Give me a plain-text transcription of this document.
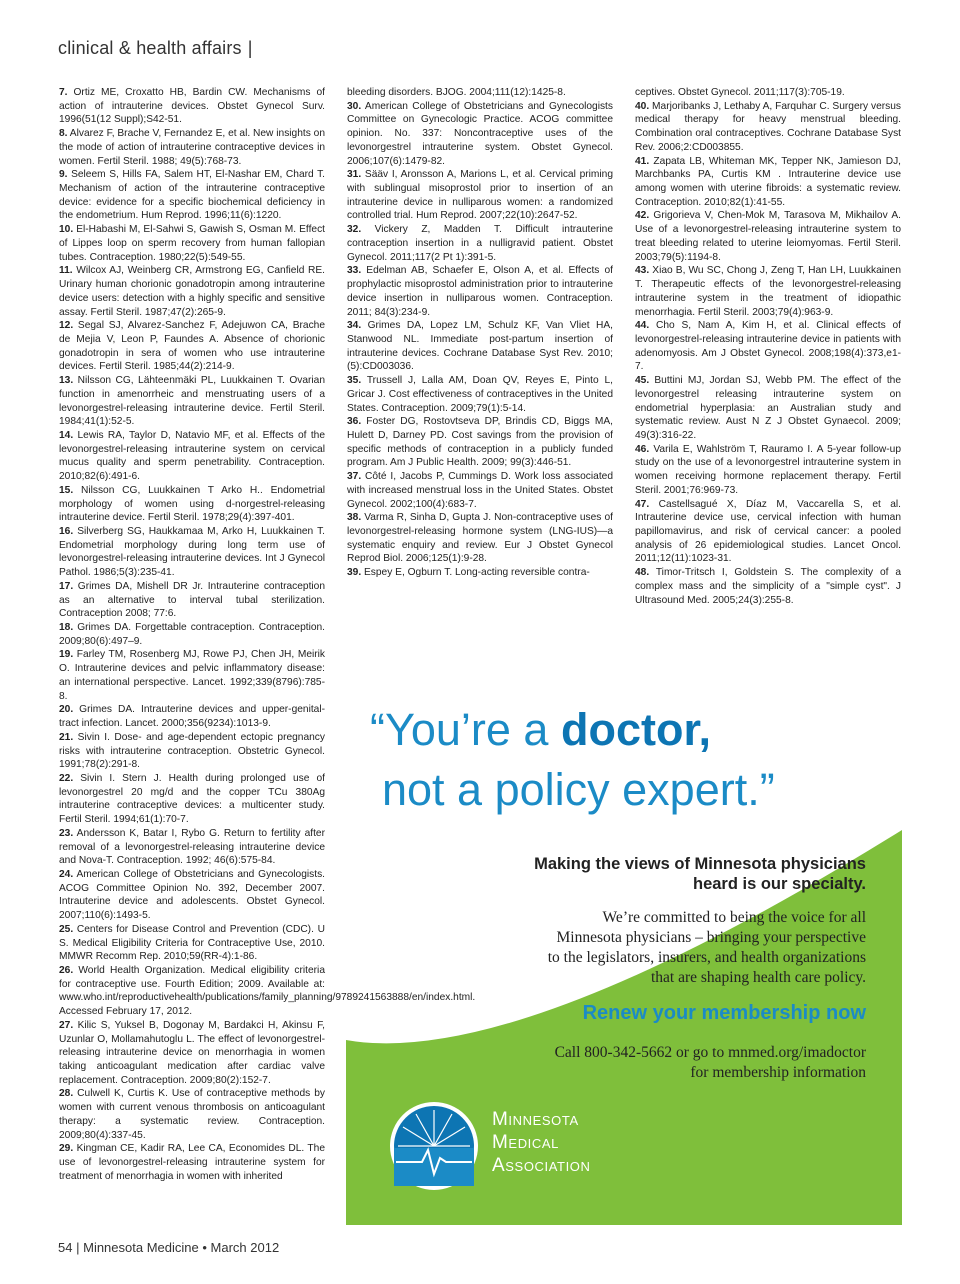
clinical & health affairs |

7. Ortiz ME, Croxatto HB, Bardin CW. Mechanisms of action of intrauterine devices. Obstet Gynecol Surv. 1996(51(12 Suppl);S42-51.

8. Alvarez F, Brache V, Fernandez E, et al. New insights on the mode of action of intrauterine contraceptive devices in women. Fertil Steril. 1988; 49(5):768-73.

9. Seleem S, Hills FA, Salem HT, El-Nashar EM, Chard T. Mechanism of action of the intrauterine contraceptive device: evidence for a specific biochemical deficiency in the endometrium. Hum Reprod. 1996;11(6):1220.

10. El-Habashi M, El-Sahwi S, Gawish S, Osman M. Effect of Lippes loop on sperm recovery from human fallopian tubes. Contraception. 1980;22(5):549-55.

11. Wilcox AJ, Weinberg CR, Armstrong EG, Canfield RE. Urinary human chorionic gonadotropin among intrauterine device users: detection with a highly specific and sensitive assay. Fertil Steril. 1987;47(2):265-9.

12. Segal SJ, Alvarez-Sanchez F, Adejuwon CA, Brache de Mejia V, Leon P, Faundes A. Absence of chorionic gonadotropin in sera of women who use intrauterine devices. Fertil Steril. 1985;44(2):214-9.

13. Nilsson CG, Lähteenmäki PL, Luukkainen T. Ovarian function in amenorrheic and menstruating users of a levonorgestrel-releasing intrauterine device. Fertil Steril. 1984;41(1):52-5.

14. Lewis RA, Taylor D, Natavio MF, et al. Effects of the levonorgestrel-releasing intrauterine system on cervical mucus quality and sperm penetrability. Contraception. 2010;82(6):491-6.

15. Nilsson CG, Luukkainen T Arko H.. Endometrial morphology of women using d-norgestrel-releasing intrauterine device. Fertil Steril. 1978;29(4):397-401.

16. Silverberg SG, Haukkamaa M, Arko H, Luukkainen T. Endometrial morphology during long term use of levonorgestrel-releasing intrauterine devices. Int J Gynecol Pathol. 1986;5(3):235-41.

17. Grimes DA, Mishell DR Jr. Intrauterine contraception as an alternative to interval tubal sterilization. Contraception 2008; 77:6.

18. Grimes DA. Forgettable contraception. Contraception. 2009;80(6):497–9.

19. Farley TM, Rosenberg MJ, Rowe PJ, Chen JH, Meirik O. Intrauterine devices and pelvic inflammatory disease: an international perspective. Lancet. 1992;339(8796):785-8.

20. Grimes DA. Intrauterine devices and upper-genital-tract infection. Lancet. 2000;356(9234):1013-9.

21. Sivin I. Dose- and age-dependent ectopic pregnancy risks with intrauterine contraception. Obstetric Gynecol. 1991;78(2):291-8.

22. Sivin I. Stern J. Health during prolonged use of levonorgestrel 20 mg/d and the copper TCu 380Ag intrauterine contraceptive devices: a multicenter study. Fertil Steril. 1994;61(1):70-7.

23. Andersson K, Batar I, Rybo G. Return to fertility after removal of a levonorgestrel-releasing intrauterine device and Nova-T. Contraception. 1992; 46(6):575-84.

24. American College of Obstetricians and Gynecologists. ACOG Committee Opinion No. 392, December 2007. Intrauterine device and adolescents. Obstet Gynecol. 2007;110(6):1493-5.

25. Centers for Disease Control and Prevention (CDC). U S. Medical Eligibility Criteria for Contraceptive Use, 2010. MMWR Recomm Rep. 2010;59(RR-4):1-86.

26. World Health Organization. Medical eligibility criteria for contraceptive use. Fourth Edition; 2009. Available at: www.who.int/reproductivehealth/publications/family_planning/9789241563888/en/index.html. Accessed February 17, 2012.

27. Kilic S, Yuksel B, Dogonay M, Bardakci H, Akinsu F, Uzunlar O, Mollamahutoglu L. The effect of levonorgestrel-releasing intrauterine device on menorrhagia in women taking anticoagulant medication after cardiac valve replacement. Contraception. 2009;80(2):152-7.

28. Culwell K, Curtis K. Use of contraceptive methods by women with current venous thrombosis on anticoagulant therapy: a systematic review. Contraception. 2009;80(4):337-45.

29. Kingman CE, Kadir RA, Lee CA, Economides DL. The use of levonorgestrel-releasing intrauterine system for treatment of menorrhagia in women with inherited

bleeding disorders. BJOG. 2004;111(12):1425-8.

30. American College of Obstetricians and Gynecologists Committee on Gynecologic Practice. ACOG committee opinion. No. 337: Noncontraceptive uses of the levonorgestrel intrauterine system. Obstet Gynecol. 2006;107(6):1479-82.

31. Sääv I, Aronsson A, Marions L, et al. Cervical priming with sublingual misoprostol prior to insertion of an intrauterine device in nulliparous women: a randomized controlled trial. Hum Reprod. 2007;22(10):2647-52.

32. Vickery Z, Madden T. Difficult intrauterine contraception insertion in a nulligravid patient. Obstet Gynecol. 2011;117(2 Pt 1):391-5.

33. Edelman AB, Schaefer E, Olson A, et al. Effects of prophylactic misoprostol administration prior to intrauterine device insertion in nulliparous women. Contraception. 2011; 84(3):234-9.

34. Grimes DA, Lopez LM, Schulz KF, Van Vliet HA, Stanwood NL. Immediate post-partum insertion of intrauterine devices. Cochrane Database Syst Rev. 2010;(5):CD003036.

35. Trussell J, Lalla AM, Doan QV, Reyes E, Pinto L, Gricar J. Cost effectiveness of contraceptives in the United States. Contraception. 2009;79(1):5-14.

36. Foster DG, Rostovtseva DP, Brindis CD, Biggs MA, Hulett D, Darney PD. Cost savings from the provision of specific methods of contraception in a publicly funded program. Am J Public Health. 2009; 99(3):446-51.

37. Côté I, Jacobs P, Cummings D. Work loss associated with increased menstrual loss in the United States. Obstet Gynecol. 2002;100(4):683-7.

38. Varma R, Sinha D, Gupta J. Non-contraceptive uses of levonorgestrel-releasing hormone system (LNG-IUS)—a systematic enquiry and review. Eur J Obstet Gynecol Reprod Biol. 2006;125(1):9-28.

39. Espey E, Ogburn T. Long-acting reversible contra-

ceptives. Obstet Gynecol. 2011;117(3):705-19.

40. Marjoribanks J, Lethaby A, Farquhar C. Surgery versus medical therapy for heavy menstrual bleeding. Combination oral contraceptives. Cochrane Database Syst Rev. 2006;2:CD003855.

41. Zapata LB, Whiteman MK, Tepper NK, Jamieson DJ, Marchbanks PA, Curtis KM . Intrauterine device use among women with uterine fibroids: a systematic review. Contraception. 2010;82(1):41-55.

42. Grigorieva V, Chen-Mok M, Tarasova M, Mikhailov A. Use of a levonorgestrel-releasing intrauterine system to treat bleeding related to uterine leiomyomas. Fertil Steril. 2003;79(5):1194-8.

43. Xiao B, Wu SC, Chong J, Zeng T, Han LH, Luukkainen T. Therapeutic effects of the levonorgestrel-releasing intrauterine system in the treatment of idiopathic menorrhagia. Fertil Steril. 2003;79(4):963-9.

44. Cho S, Nam A, Kim H, et al. Clinical effects of levonorgestrel-releasing intrauterine device in patients with adenomyosis. Am J Obstet Gynecol. 2008;198(4):373,e1-7.

45. Buttini MJ, Jordan SJ, Webb PM. The effect of the levonorgestrel releasing intrauterine system on endometrial hyperplasia: an Australian study and systematic review. Aust N Z J Obstet Gynaecol. 2009; 49(3):316-22.

46. Varila E, Wahlström T, Rauramo I. A 5-year follow-up study on the use of a levonorgestrel intrauterine system in women receiving hormone replacement therapy. Fertil Steril. 2001;76:969-73.

47. Castellsagué X, Díaz M, Vaccarella S, et al. Intrauterine device use, cervical infection with human papillomavirus, and risk of cervical cancer: a pooled analysis of 26 epidemiological studies. Lancet Oncol. 2011;12(11):1023-31.

48. Timor-Tritsch I, Goldstein S. The complexity of a complex mass and the simplicity of a "simple cyst". J Ultrasound Med. 2005;24(3):255-8.

Minnesota
Medical
Association
“You’re a doctor,
not a policy expert.”
Making the views of Minnesota physicians
heard is our specialty.
We’re committed to being the voice for all
Minnesota physicians – bringing your perspective
to the legislators, insurers, and health organizations
that are shaping health care policy.
Renew your membership now
Call 800-342-5662 or go to mnmed.org/imadoctor
for membership information
54 | Minnesota Medicine • March 2012
